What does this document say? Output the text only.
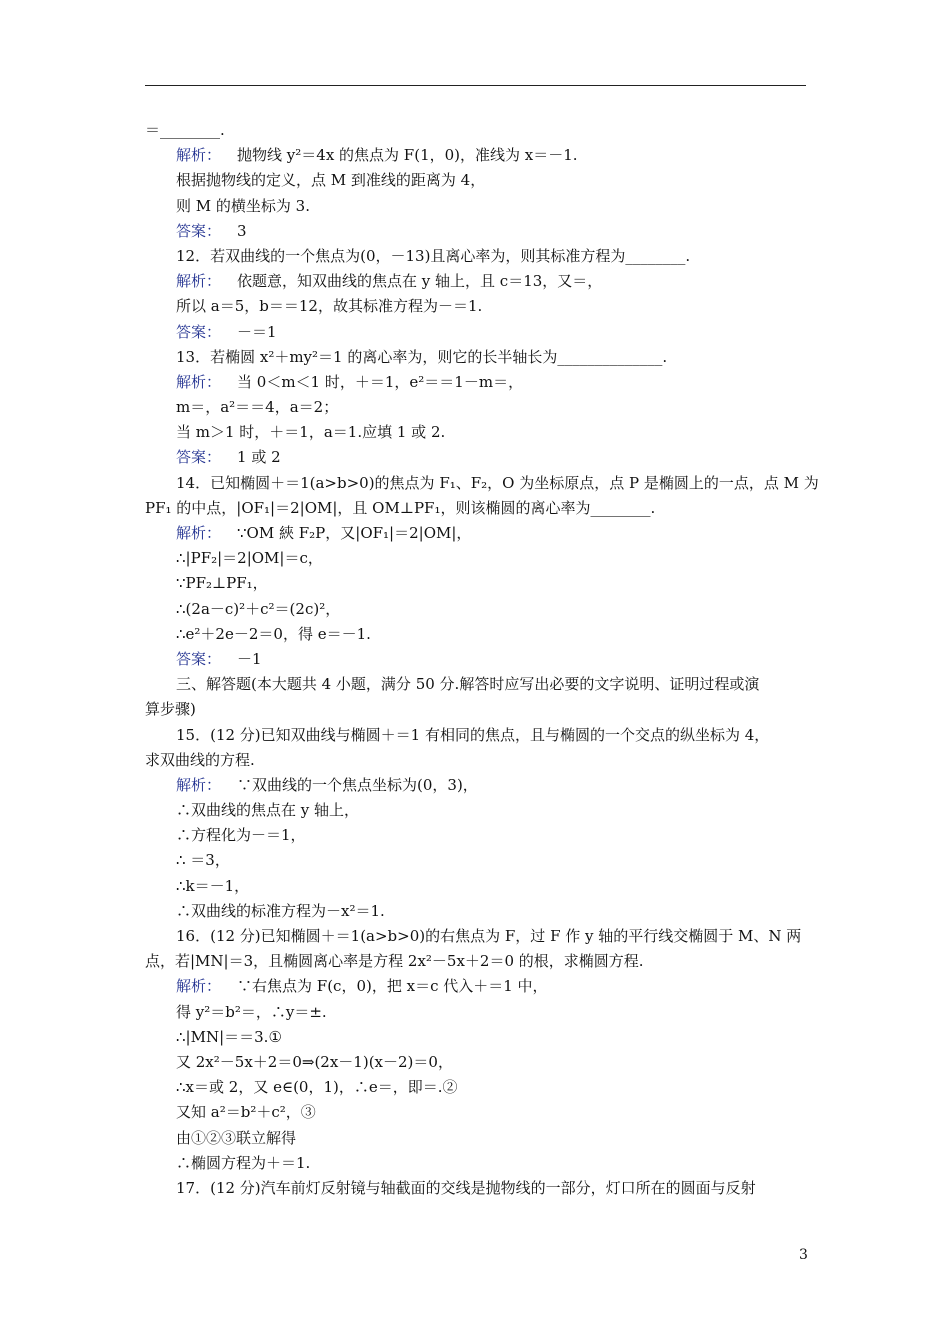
＝________.
解析： 抛物线 y²＝4x 的焦点为 F(1，0)，准线为 x＝－1.
根据抛物线的定义，点 M 到准线的距离为 4，
则 M 的横坐标为 3.
答案： 3
12．若双曲线的一个焦点为(0，－13)且离心率为，则其标准方程为________.
解析： 依题意，知双曲线的焦点在 y 轴上，且 c＝13，又＝，
所以 a＝5，b＝＝12，故其标准方程为－＝1.
答案： －＝1
13．若椭圆 x²＋my²＝1 的离心率为，则它的长半轴长为______________.
解析： 当 0＜m＜1 时，＋＝1，e²＝＝1－m＝，
m＝，a²＝＝4，a＝2；
当 m＞1 时，＋＝1，a＝1.应填 1 或 2.
答案： 1 或 2
14．已知椭圆＋＝1(a>b>0)的焦点为 F₁、F₂，O 为坐标原点，点 P 是椭圆上的一点，点 M 为
PF₁ 的中点，|OF₁|＝2|OM|，且 OM⊥PF₁，则该椭圆的离心率为________.
解析： ∵OM 綊 F₂P，又|OF₁|＝2|OM|，
∴|PF₂|＝2|OM|＝c，
∵PF₂⊥PF₁，
∴(2a－c)²＋c²＝(2c)²，
∴e²＋2e－2＝0，得 e＝－1.
答案： －1
三、解答题(本大题共 4 小题，满分 50 分.解答时应写出必要的文字说明、证明过程或演
算步骤)
15．(12 分)已知双曲线与椭圆＋＝1 有相同的焦点，且与椭圆的一个交点的纵坐标为 4，
求双曲线的方程.
解析： ∵双曲线的一个焦点坐标为(0，3)，
∴双曲线的焦点在 y 轴上，
∴方程化为－＝1，
∴ ＝3，
∴k＝－1，
∴双曲线的标准方程为－x²＝1.
16．(12 分)已知椭圆＋＝1(a>b>0)的右焦点为 F，过 F 作 y 轴的平行线交椭圆于 M、N 两
点，若|MN|＝3，且椭圆离心率是方程 2x²－5x＋2＝0 的根，求椭圆方程.
解析： ∵右焦点为 F(c，0)，把 x＝c 代入＋＝1 中，
得 y²＝b²＝，∴y＝±.
∴|MN|＝＝3.①
又 2x²－5x＋2＝0⇒(2x－1)(x－2)＝0，
∴x＝或 2，又 e∈(0，1)，∴e＝，即＝.②
又知 a²＝b²＋c²，③
由①②③联立解得
∴椭圆方程为＋＝1.
17．(12 分)汽车前灯反射镜与轴截面的交线是抛物线的一部分，灯口所在的圆面与反射
3
